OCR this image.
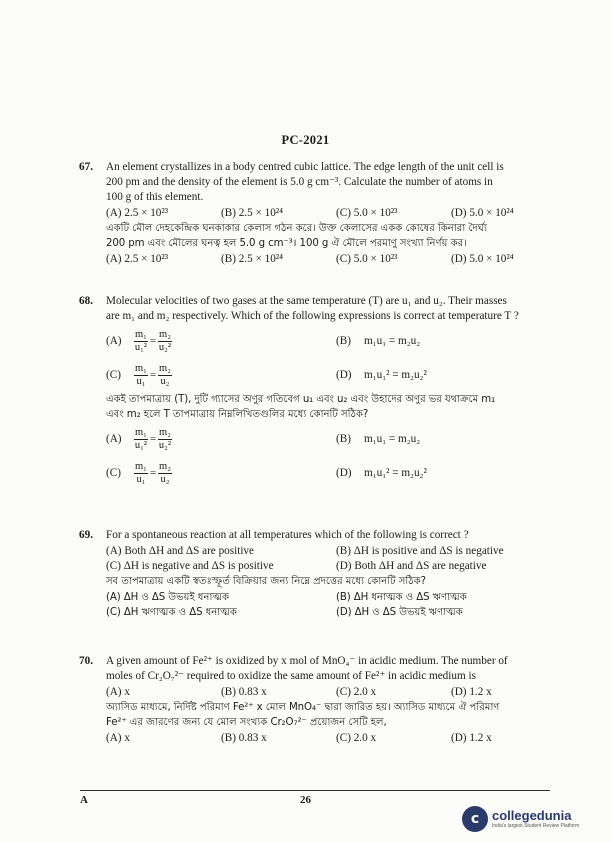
PC-2021
67.	An element crystallizes in a body centred cubic lattice. The edge length of the unit cell is
200 pm and the density of the element is 5.0 g cm⁻³. Calculate the number of atoms in
100 g of this element.
(A) 2.5 × 10²³	(B) 2.5 × 10²⁴	(C) 5.0 × 10²³	(D) 5.0 × 10²⁴
একটি মৌল দেহকেন্দ্রিক ঘনকাকার কেলাস গঠন করে। উক্ত কেলাসের একক কোষের কিনারা দৈর্ঘ্য
200 pm এবং মৌলের ঘনত্ব হল 5.0 g cm⁻³। 100 g ঐ মৌলে পরমাণু সংখ্যা নির্ণয় কর।
(A) 2.5 × 10²³	(B) 2.5 × 10²⁴	(C) 5.0 × 10²³	(D) 5.0 × 10²⁴
68.	Molecular velocities of two gases at the same temperature (T) are u₁ and u₂. Their masses
are m₁ and m₂ respectively. Which of the following expressions is correct at temperature T ?
(A)	$\frac{\text{m₁}}{\text{u₁²}} = \frac{\text{m₂}}{\text{u₂²}}$	(B) m₁u₁ = m₂u₂
(C)	$\frac{\text{m₁}}{\text{u₁}} = \frac{\text{m₂}}{\text{u₂}}$	(D) m₁u₁² = m₂u₂²
একই তাপমাত্রায় (T), দুটি গ্যাসের অণুর গতিবেগ u₁ এবং u₂ এবং উহাদের অণুর ভর যথাক্রমে m₁
এবং m₂ হলে T তাপমাত্রায় নিম্নলিখিতগুলির মধ্যে কোনটি সঠিক?
(A)	$\frac{\text{m₁}}{\text{u₁²}} = \frac{\text{m₂}}{\text{u₂²}}$	(B) m₁u₁ = m₂u₂
(C)	$\frac{\text{m₁}}{\text{u₁}} = \frac{\text{m₂}}{\text{u₂}}$	(D) m₁u₁² = m₂u₂²
69.	For a spontaneous reaction at all temperatures which of the following is correct ?
(A) Both ΔH and ΔS are positive	(B) ΔH is positive and ΔS is negative
(C) ΔH is negative and ΔS is positive	(D) Both ΔH and ΔS are negative
সব তাপমাত্রায় একটি স্বতঃস্ফূর্ত বিক্রিয়ার জন্য নিম্নে প্রদত্তের মধ্যে কোনটি সঠিক?
(A) ΔH ও ΔS উভয়ই ধনাত্মক	(B) ΔH ধনাত্মক ও ΔS ঋণাত্মক
(C) ΔH ঋণাত্মক ও ΔS ধনাত্মক	(D) ΔH ও ΔS উভয়ই ঋণাত্মক
70.	A given amount of Fe²⁺ is oxidized by x mol of MnO₄⁻ in acidic medium. The number of
moles of Cr₂O₇²⁻ required to oxidize the same amount of Fe²⁺ in acidic medium is
(A) x	(B) 0.83 x	(C) 2.0 x	(D) 1.2 x
অ্যাসিড মাধ্যমে, নির্দিষ্ট পরিমাণ Fe²⁺ x মোল MnO₄⁻ দ্বারা জারিত হয়। অ্যাসিড মাধ্যমে ঐ পরিমাণ
Fe²⁺ এর জারণের জন্য যে মোল সংখ্যক Cr₂O₇²⁻ প্রয়োজন সেটি হল,
(A) x	(B) 0.83 x	(C) 2.0 x	(D) 1.2 x
A	26
c collegedunia
India's largest Student Review Platform
